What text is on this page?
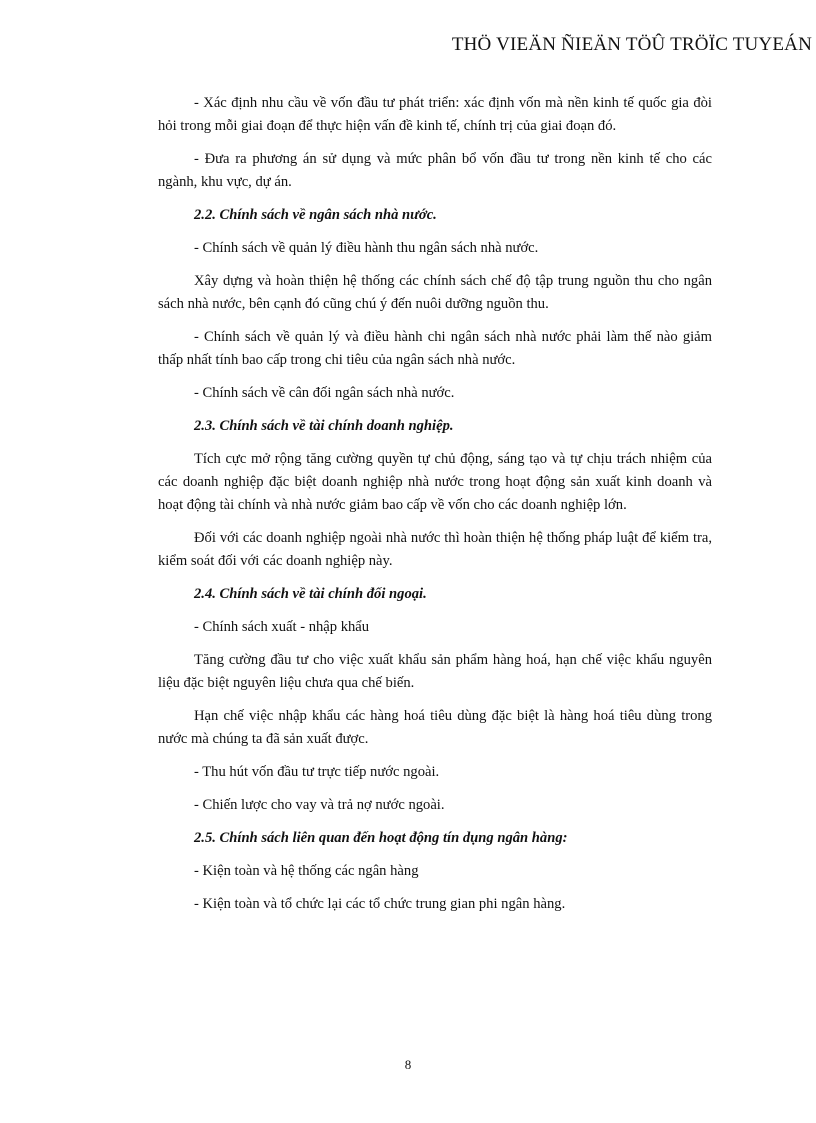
THÖ VIEÄN ÑIEÄN TÖÛ TRÖÏC TUYEÁN

- Xác định nhu cầu về vốn đầu tư phát triển: xác định vốn mà nền kinh tế quốc gia đòi hỏi trong mỗi giai đoạn để thực hiện vấn đề kinh tế, chính trị của giai đoạn đó.

- Đưa ra phương án sử dụng và mức phân bổ vốn đầu tư trong nền kinh tế cho các ngành, khu vực, dự án.

2.2. Chính sách về ngân sách nhà nước.

- Chính sách về quản lý điều hành thu ngân sách nhà nước.

Xây dựng và hoàn thiện hệ thống các chính sách chế độ tập trung nguồn thu cho ngân sách nhà nước, bên cạnh đó cũng chú ý đến nuôi dưỡng nguồn thu.

- Chính sách về quản lý và điều hành chi ngân sách nhà nước phải làm thế nào giảm thấp nhất tính bao cấp trong chi tiêu của ngân sách nhà nước.

- Chính sách về cân đối ngân sách nhà nước.

2.3. Chính sách về tài chính doanh nghiệp.

Tích cực mở rộng tăng cường quyền tự chủ động, sáng tạo và tự chịu trách nhiệm của các doanh nghiệp đặc biệt doanh nghiệp nhà nước trong hoạt động sản xuất kinh doanh và hoạt động tài chính và nhà nước giảm bao cấp về vốn cho các doanh nghiệp lớn.

Đối với các doanh nghiệp ngoài nhà nước thì hoàn thiện hệ thống pháp luật để kiểm tra, kiểm soát đối với các doanh nghiệp này.

2.4. Chính sách về tài chính đối ngoại.

- Chính sách xuất - nhập khẩu

Tăng cường đầu tư cho việc xuất khẩu sản phẩm hàng hoá, hạn chế việc khẩu nguyên liệu đặc biệt nguyên liệu chưa qua chế biến.

Hạn chế việc nhập khẩu các hàng hoá tiêu dùng đặc biệt là hàng hoá tiêu dùng trong nước mà chúng ta đã sản xuất được.

- Thu hút vốn đầu tư trực tiếp nước ngoài.

- Chiến lược cho vay và trả nợ nước ngoài.

2.5. Chính sách liên quan đến hoạt động tín dụng ngân hàng:

- Kiện toàn và hệ thống các ngân hàng

- Kiện toàn và tổ chức lại các tổ chức trung gian phi ngân hàng.

8
